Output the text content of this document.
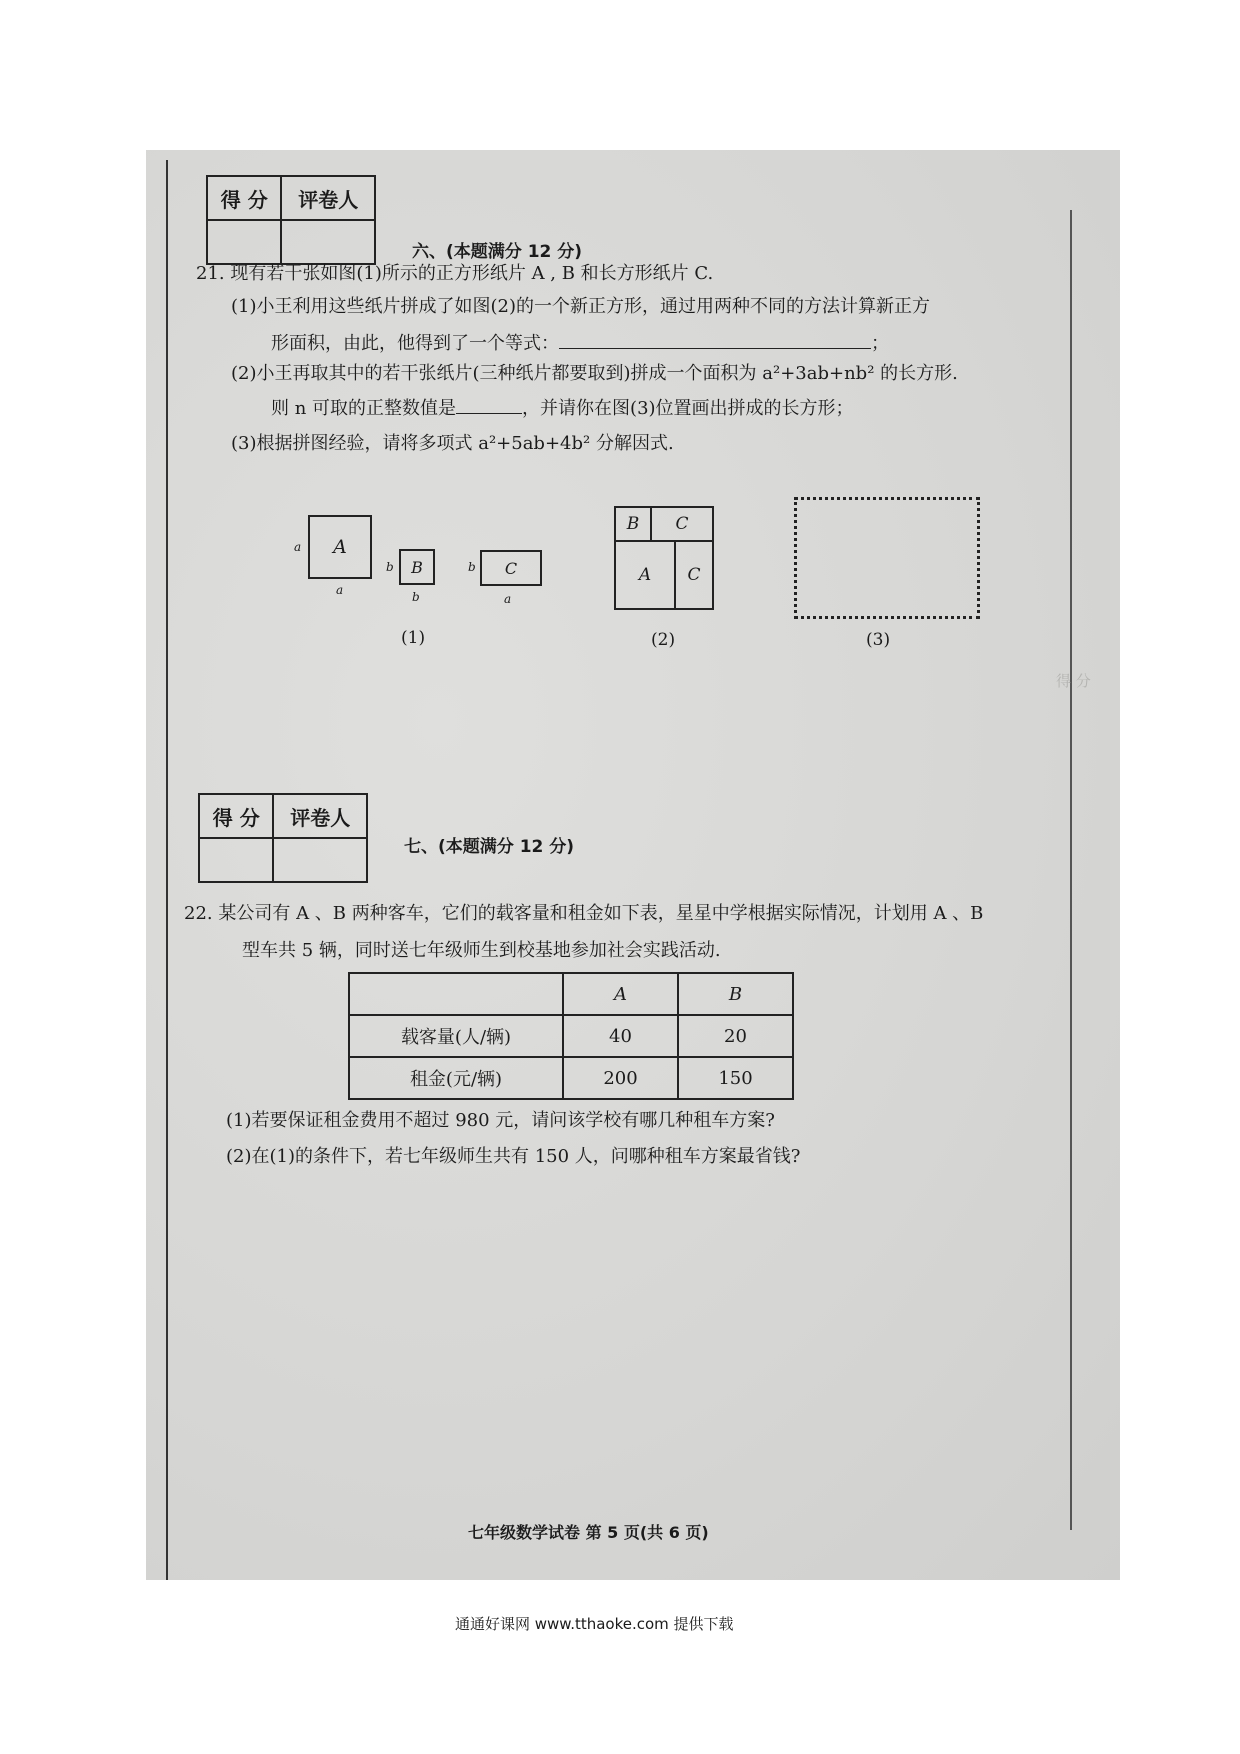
得 分
得 分	评卷人

六、(本题满分 12 分)
21. 现有若干张如图(1)所示的正方形纸片 A , B 和长方形纸片 C.
(1)小王利用这些纸片拼成了如图(2)的一个新正方形，通过用两种不同的方法计算新正方
形面积，由此，他得到了一个等式：	；
(2)小王再取其中的若干张纸片(三种纸片都要取到)拼成一个面积为 a²+3ab+nb² 的长方形.
则 n 可取的正整数值是	，并请你在图(3)位置画出拼成的长方形；
(3)根据拼图经验，请将多项式 a²+5ab+4b² 分解因式.
A
a
a
B
b
b
C
b
a
(1)
B C
A C
(2)	(3)
得 分	评卷人

七、(本题满分 12 分)
22. 某公司有 A 、B 两种客车，它们的载客量和租金如下表，星星中学根据实际情况，计划用 A 、B
型车共 5 辆，同时送七年级师生到校基地参加社会实践活动.
	A	B
载客量(人/辆)	40	20
租金(元/辆)	200	150
(1)若要保证租金费用不超过 980 元，请问该学校有哪几种租车方案?
(2)在(1)的条件下，若七年级师生共有 150 人，问哪种租车方案最省钱?
七年级数学试卷 第 5 页(共 6 页)
通通好课网 www.tthaoke.com 提供下载
